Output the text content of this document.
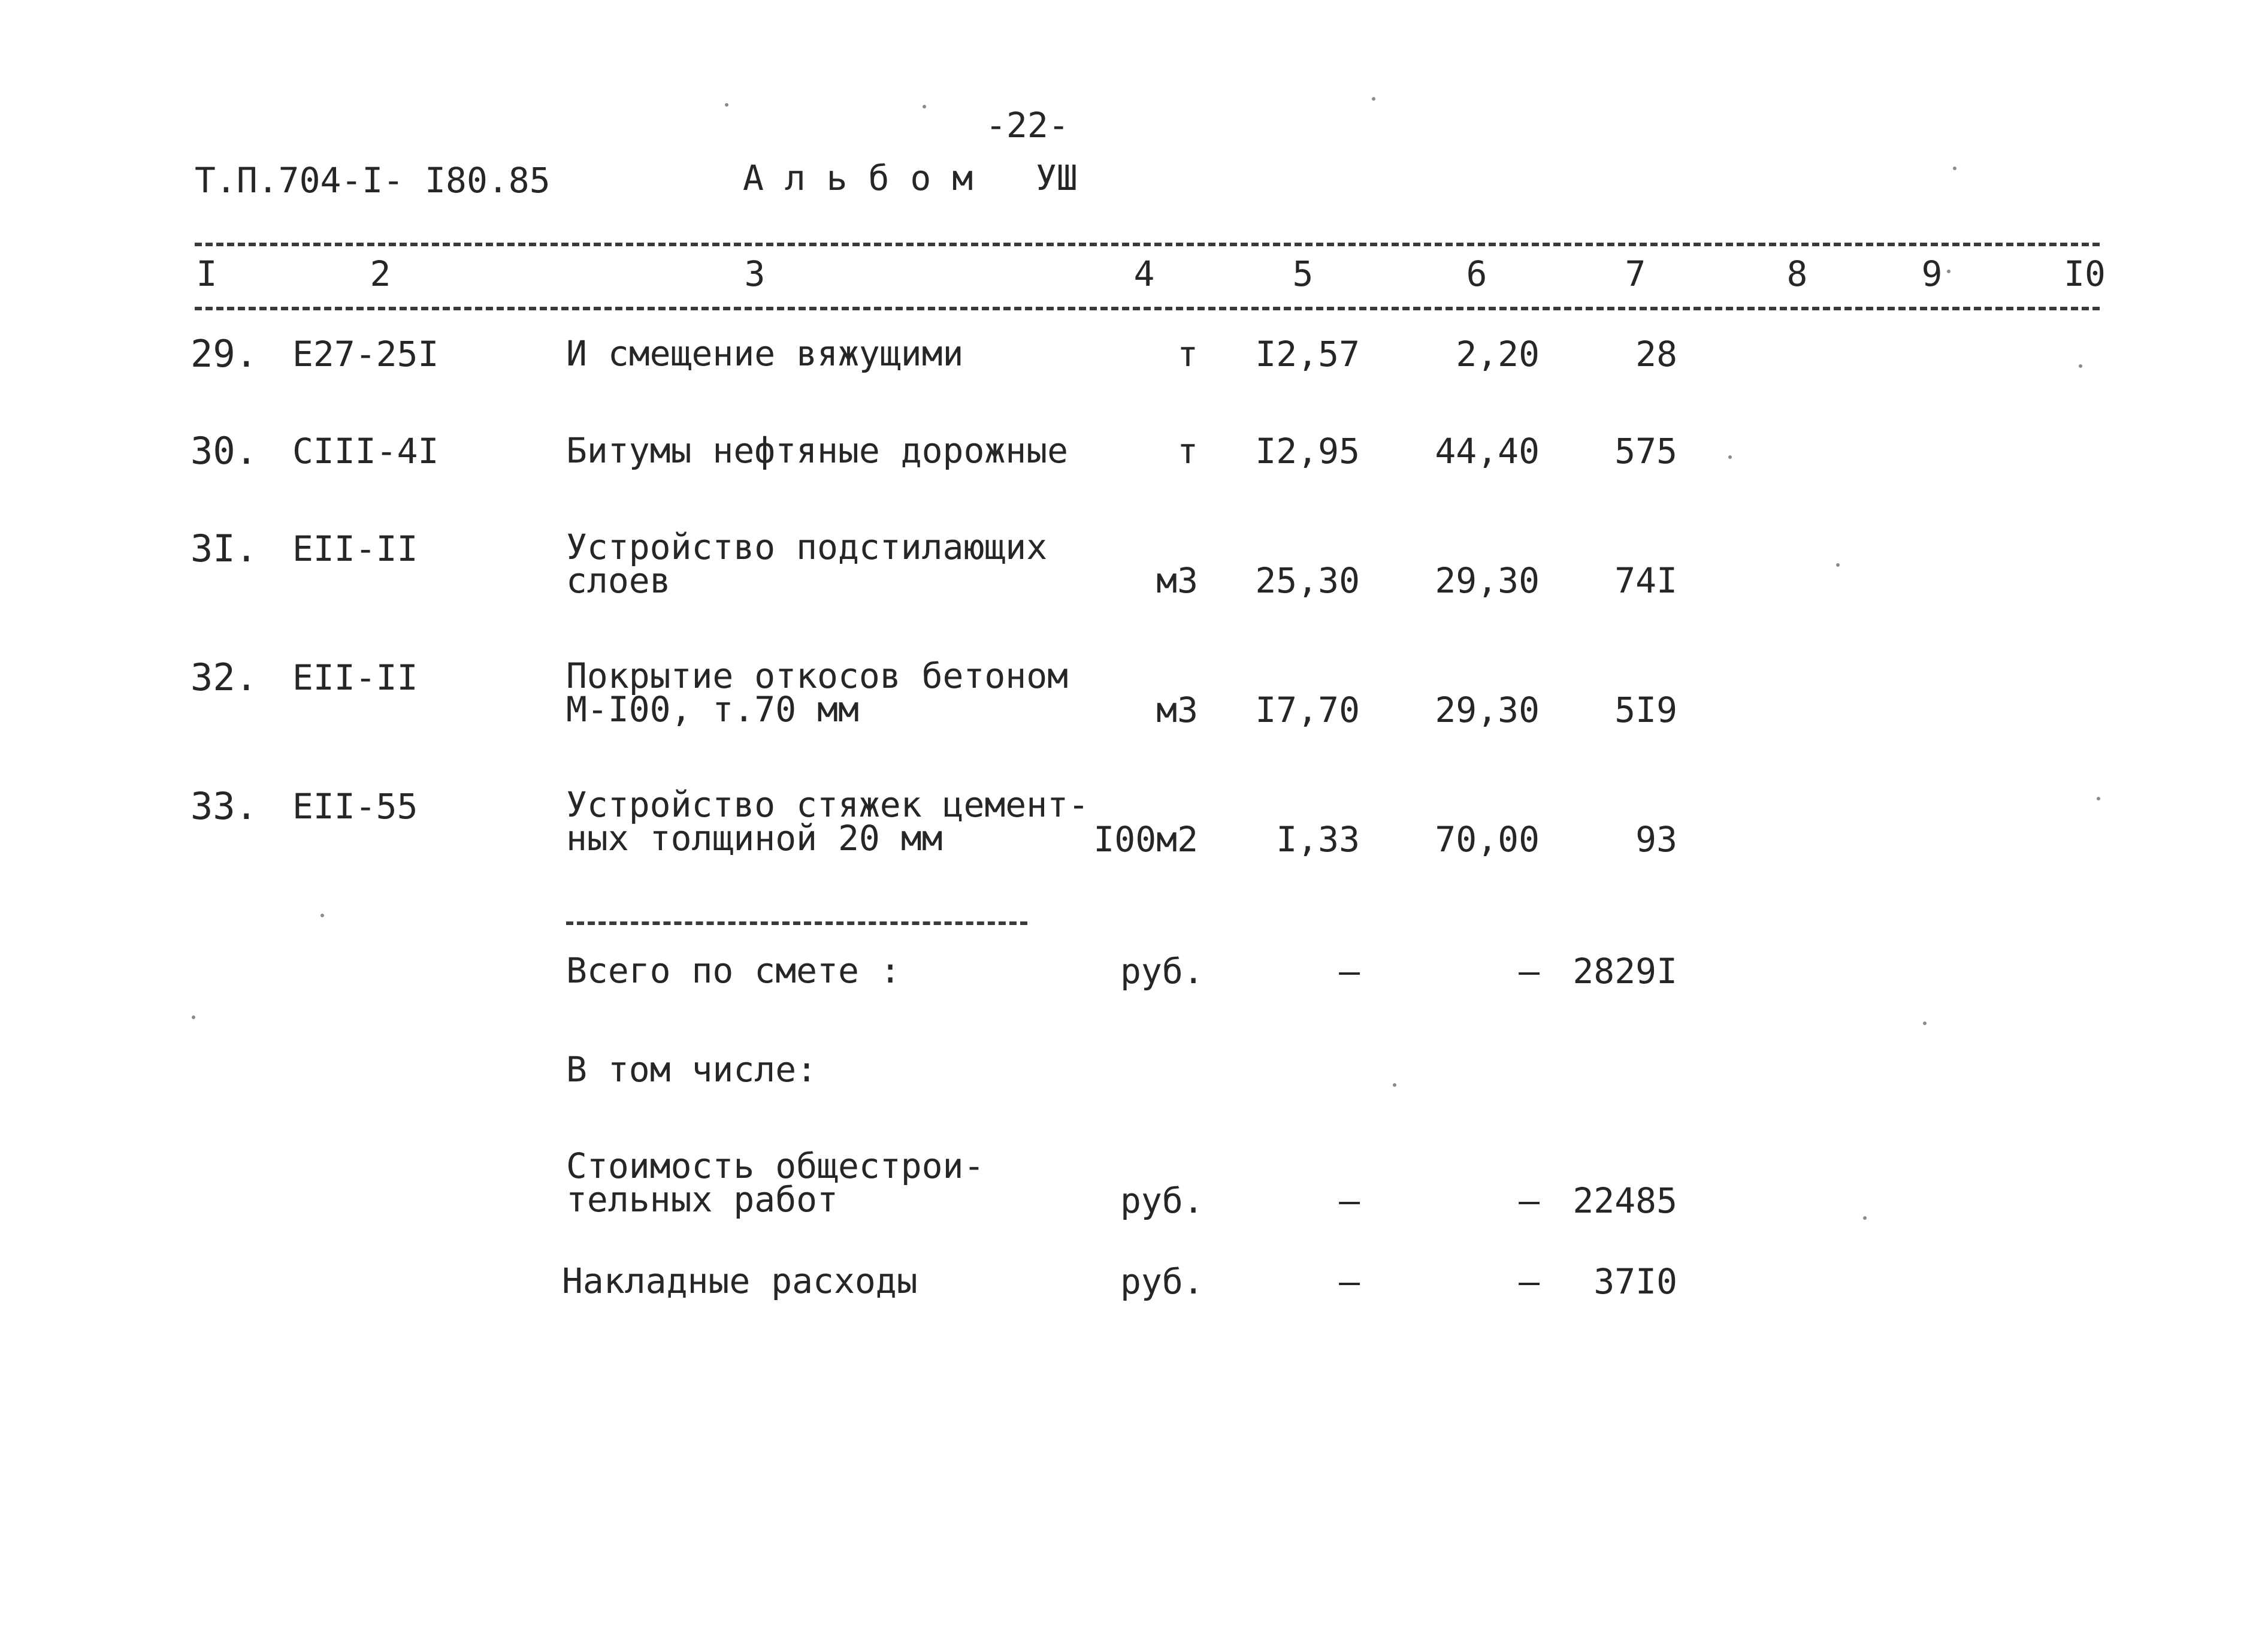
-22-
Т.П.704-I- I80.85	А л ь б о м   УШ
I	2	3	4	5	6	7	8	9	I0
29. E27-25I	И смещение вяжущими	т	I2,57	2,20	28
30. CIII-4I	Битумы нефтяные дорожные	т	I2,95	44,40	575
3I. EII-II	Устройство подстилающих
слоев	м3	25,30	29,30	74I
32. EII-II	Покрытие откосов бетоном
М-I00, т.70 мм	м3	I7,70	29,30	5I9
33. EII-55	Устройство стяжек цемент-
ных толщиной 20 мм	I00м2	I,33	70,00	93
Всего по смете :	руб.	–	– 2829I
В том числе:
Стоимость общестрои-
тельных работ	руб.	—	– 22485
Накладные расходы	руб.	–	–	37I0
